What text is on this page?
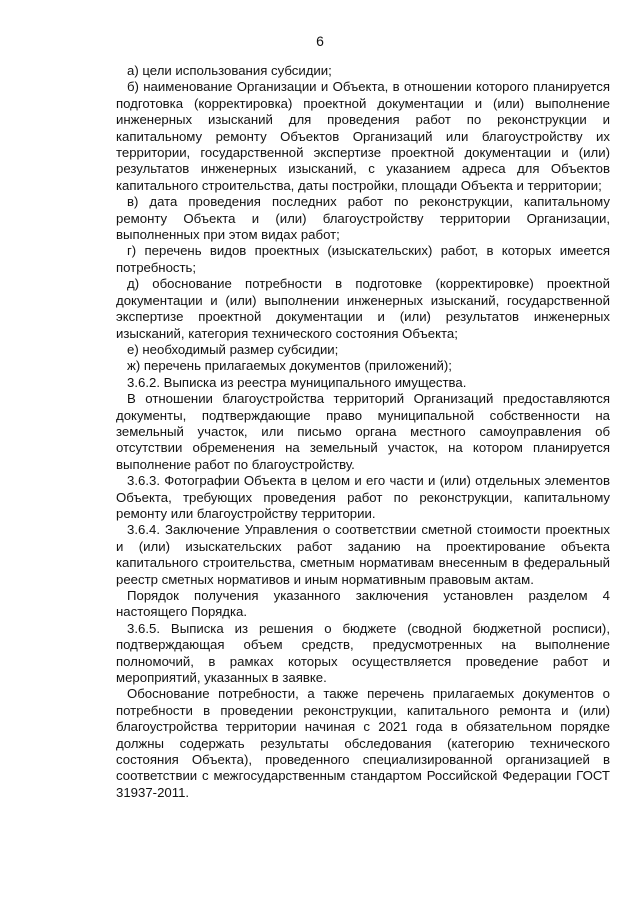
6

а) цели использования субсидии;

б) наименование Организации и Объекта, в отношении которого планируется подготовка (корректировка) проектной документации и (или) выполнение инженерных изысканий для проведения работ по реконструкции и капитальному ремонту Объектов Организаций или благоустройству их территории, государственной экспертизе проектной документации и (или) результатов инженерных изысканий, с указанием адреса для Объектов капитального строительства, даты постройки, площади Объекта и территории;

в) дата проведения последних работ по реконструкции, капитальному ремонту Объекта и (или) благоустройству территории Организации, выполненных при этом видах работ;

г) перечень видов проектных (изыскательских) работ, в которых имеется потребность;

д) обоснование потребности в подготовке (корректировке) проектной документации и (или) выполнении инженерных изысканий, государственной экспертизе проектной документации и (или) результатов инженерных изысканий, категория технического состояния Объекта;

е) необходимый размер субсидии;

ж) перечень прилагаемых документов (приложений);

3.6.2. Выписка из реестра муниципального имущества.

В отношении благоустройства территорий Организаций предоставляются документы, подтверждающие право муниципальной собственности на земельный участок, или письмо органа местного самоуправления об отсутствии обременения на земельный участок, на котором планируется выполнение работ по благоустройству.

3.6.3. Фотографии Объекта в целом и его части и (или) отдельных элементов Объекта, требующих проведения работ по реконструкции, капитальному ремонту или благоустройству территории.

3.6.4. Заключение Управления о соответствии сметной стоимости проектных и (или) изыскательских работ заданию на проектирование объекта капитального строительства, сметным нормативам внесенным в федеральный реестр сметных нормативов и иным нормативным правовым актам.

Порядок получения указанного заключения установлен разделом 4 настоящего Порядка.

3.6.5. Выписка из решения о бюджете (сводной бюджетной росписи), подтверждающая объем средств, предусмотренных на выполнение полномочий, в рамках которых осуществляется проведение работ и мероприятий, указанных в заявке.

Обоснование потребности, а также перечень прилагаемых документов о потребности в проведении реконструкции, капитального ремонта и (или) благоустройства территории начиная с 2021 года в обязательном порядке должны содержать результаты обследования (категорию технического состояния Объекта), проведенного специализированной организацией в соответствии с межгосударственным стандартом Российской Федерации ГОСТ 31937-2011.
